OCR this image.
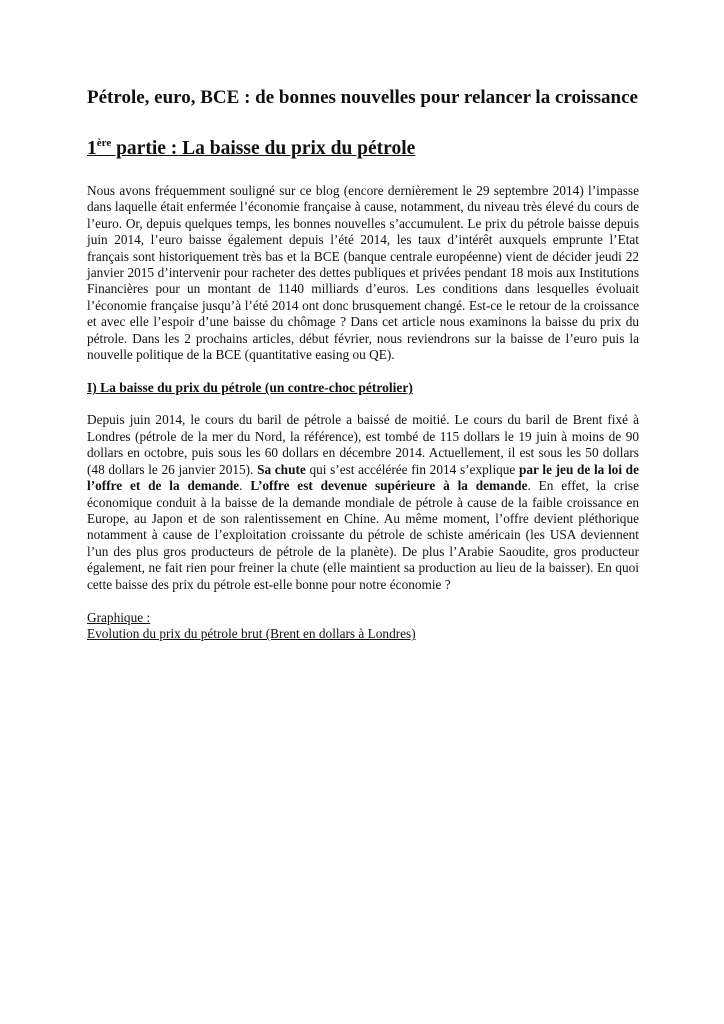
Pétrole, euro, BCE : de bonnes nouvelles pour relancer la croissance
1ère partie : La baisse du prix du pétrole

Nous avons fréquemment souligné sur ce blog (encore dernièrement le 29 septembre 2014) l’impasse dans laquelle était enfermée l’économie française à cause, notamment, du niveau très élevé du cours de l’euro. Or, depuis quelques temps, les bonnes nouvelles s’accumulent. Le prix du pétrole baisse depuis juin 2014, l’euro baisse également depuis l’été 2014, les taux d’intérêt auxquels emprunte l’Etat français sont historiquement très bas et la BCE (banque centrale européenne) vient de décider jeudi 22 janvier 2015 d’intervenir pour racheter des dettes publiques et privées pendant 18 mois aux Institutions Financières pour un montant de 1140 milliards d’euros. Les conditions dans lesquelles évoluait l’économie française jusqu’à l’été 2014 ont donc brusquement changé. Est-ce le retour de la croissance et avec elle l’espoir d’une baisse du chômage ? Dans cet article nous examinons la baisse du prix du pétrole. Dans les 2 prochains articles, début février, nous reviendrons sur la baisse de l’euro puis la nouvelle politique de la BCE (quantitative easing ou QE).

I) La baisse du prix du pétrole (un contre-choc pétrolier)

Depuis juin 2014, le cours du baril de pétrole a baissé de moitié. Le cours du baril de Brent fixé à Londres (pétrole de la mer du Nord, la référence), est tombé de 115 dollars le 19 juin à moins de 90 dollars en octobre, puis sous les 60 dollars en décembre 2014. Actuellement, il est sous les 50 dollars (48 dollars le 26 janvier 2015). Sa chute qui s’est accélérée fin 2014 s’explique par le jeu de la loi de l’offre et de la demande. L’offre est devenue supérieure à la demande. En effet, la crise économique conduit à la baisse de la demande mondiale de pétrole à cause de la faible croissance en Europe, au Japon et de son ralentissement en Chine. Au même moment, l’offre devient pléthorique notamment à cause de l’exploitation croissante du pétrole de schiste américain (les USA deviennent l’un des plus gros producteurs de pétrole de la planète). De plus l’Arabie Saoudite, gros producteur également, ne fait rien pour freiner la chute (elle maintient sa production au lieu de la baisser). En quoi cette baisse des prix du pétrole est-elle bonne pour notre économie ?

Graphique :
Evolution du prix du pétrole brut (Brent en dollars à Londres)
